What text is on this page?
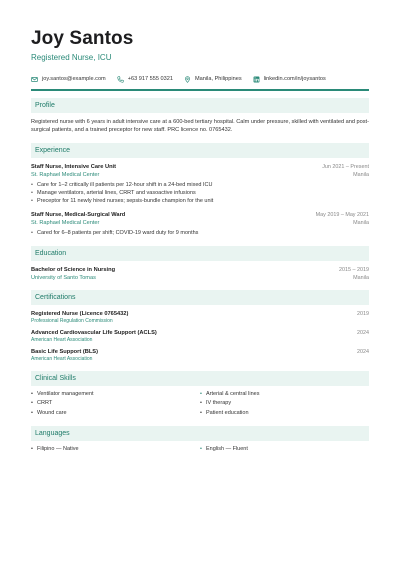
Joy Santos
Registered Nurse, ICU
joy.santos@example.com	+63 917 555 0321	Manila, Philippines	linkedin.com/in/joysantos
Profile

Registered nurse with 6 years in adult intensive care at a 600-bed tertiary hospital. Calm under pressure, skilled with ventilated and post-surgical patients, and a trained preceptor for new staff. PRC licence no. 0765432.

Experience
Staff Nurse, Intensive Care Unit	Jun 2021 – Present
St. Raphael Medical Center	Manila
• Care for 1–2 critically ill patients per 12-hour shift in a 24-bed mixed ICU
• Manage ventilators, arterial lines, CRRT and vasoactive infusions
• Preceptor for 11 newly hired nurses; sepsis-bundle champion for the unit
Staff Nurse, Medical-Surgical Ward	May 2019 – May 2021
St. Raphael Medical Center	Manila
• Cared for 6–8 patients per shift; COVID-19 ward duty for 9 months
Education
Bachelor of Science in Nursing	2015 – 2019
University of Santo Tomas	Manila
Certifications
Registered Nurse (Licence 0765432)	2019
Professional Regulation Commission
Advanced Cardiovascular Life Support (ACLS)	2024
American Heart Association
Basic Life Support (BLS)	2024
American Heart Association
Clinical Skills
• Ventilator management	• Arterial & central lines
• CRRT	• IV therapy
• Wound care	• Patient education
Languages
• Filipino — Native	• English — Fluent
